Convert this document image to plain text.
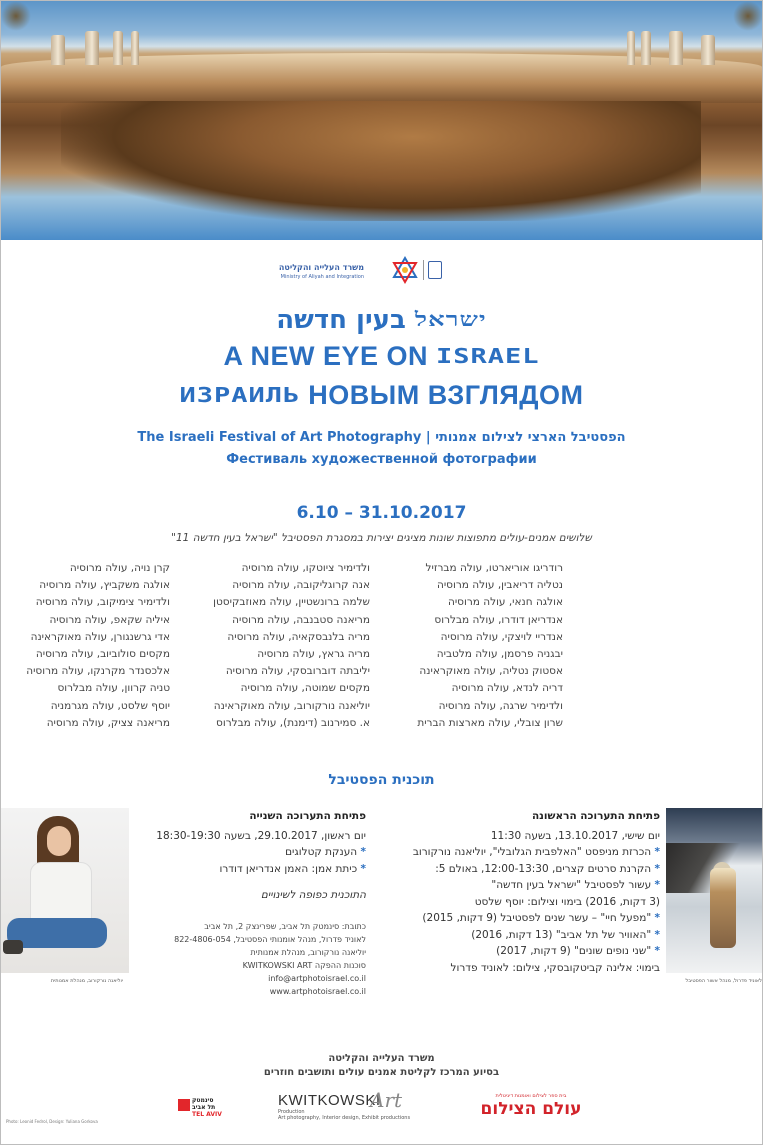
משרד העלייה והקליטה
Ministry of Aliyah and Integration
ישראל בעין חדשה
A NEW EYE ON ISRAEL
ИЗРАИЛЬ НОВЫМ ВЗГЛЯДОМ
The Israeli Festival of Art Photography | הפסטיבל הארצי לצילום אמנותי
Фестиваль художественной фотографии
6.10 – 31.10.2017
שלושים אמנים-עולים מתפוצות שונות מציגים יצירות במסגרת הפסטיבל "ישראל בעין חדשה 11"
רודריגו אוריארטו, עולה מברזיל
נטליה דריאבין, עולה מרוסיה
אולגה חנאי, עולה מרוסיה
אנדריאן דודרו, עולה מבלרוס
אנדריי לויצקי, עולה מרוסיה
יבגניה פרסמן, עולה מלטביה
אסטוק נטליה, עולה מאוקראינה
דריה לנדא, עולה מרוסיה
ולדימיר שרגה, עולה מרוסיה
שרון צובלי, עולה מארצות הברית
ולדימיר ציוטקו, עולה מרוסיה
אנה קרוגליקובה, עולה מרוסיה
שלמה ברונשטיין, עולה מאוזבקיסטן
מריאנה סטבנבה, עולה מרוסיה
מריה בלנבסקאיה, עולה מרוסיה
מריה גראץ, עולה מרוסיה
יליבתה דוברובסקי, עולה מרוסיה
מקסים שמוטה, עולה מרוסיה
יוליאנה נורקורוב, עולה מאוקראינה
א. סמירנוב (דימנת), עולה מבלרוס
קרן נויה, עולה מרוסיה
אולגה משקביץ, עולה מרוסיה
ולדימיר צימיקוב, עולה מרוסיה
איליה שקאפ, עולה מרוסיה
אדי גרשנגורן, עולה מאוקראינה
מקסים סולוביוב, עולה מרוסיה
אלכסנדר מקרנקו, עולה מרוסיה
טניה קרוון, עולה מבלרוס
יוסף שלסט, עולה מגרמניה
מריאנה צציק, עולה מרוסיה
תוכנית הפסטיבל
יוליאנה נורקורוב, מנהלת אמנותית	לאוניד פדרול, מנהל אשור הפסטיבל
פתיחת התערוכה הראשונה
יום שישי, 13.10.2017, בשעה 11:30
* הכרזת מניפסט "האלפבית הגלובלי", יוליאנה נורקורוב
* הקרנת סרטים קצרים, 12:00-13:30, באולם 5:
* עשור לפסטיבל "ישראל בעין חדשה"
(3 דקות, 2016) בימוי וצילום: יוסף שלסט
* "מפעל חיי" – עשר שנים לפסטיבל (9 דקות, 2015)
* "האוויר של תל אביב" (13 דקות, 2016)
* "שני נופים שונים" (9 דקות, 2017)
בימוי: אלינה קביטקובסקי, צילום: לאוניד פדרול
פתיחת התערוכה השנייה
יום ראשון, 29.10.2017, בשעה 18:30-19:30
* הענקת קטלוגים
* כיתת אמן: האמן אנדריאן דודרו
התוכנית כפופה לשינויים
כתובת: סינמטק תל אביב, שפרינצק 2, תל אביב
לאוניד פדרול, מנהל אומנותי הפסטיבל, 822-4806-054
יוליאנה נורקורוב, מנהלת אמנותית
סוכנות ההפקה KWITKOWSKI ART
info@artphotoisrael.co.il
www.artphotoisrael.co.il
משרד העלייה והקליטה
בסיוע המרכז לקליטת אמנים עולים ותושבים חוזרים
סינמטק
תל אביב
TEL AVIV
KWITKOWSKI
Art
Production
Art photography, Interior design, Exhibit productions
בית ספר לצילום ואומנות דיגיטלית
עולם הצילום
Photo: Leonid Fedrol, Design: Yuliana Gorkova
